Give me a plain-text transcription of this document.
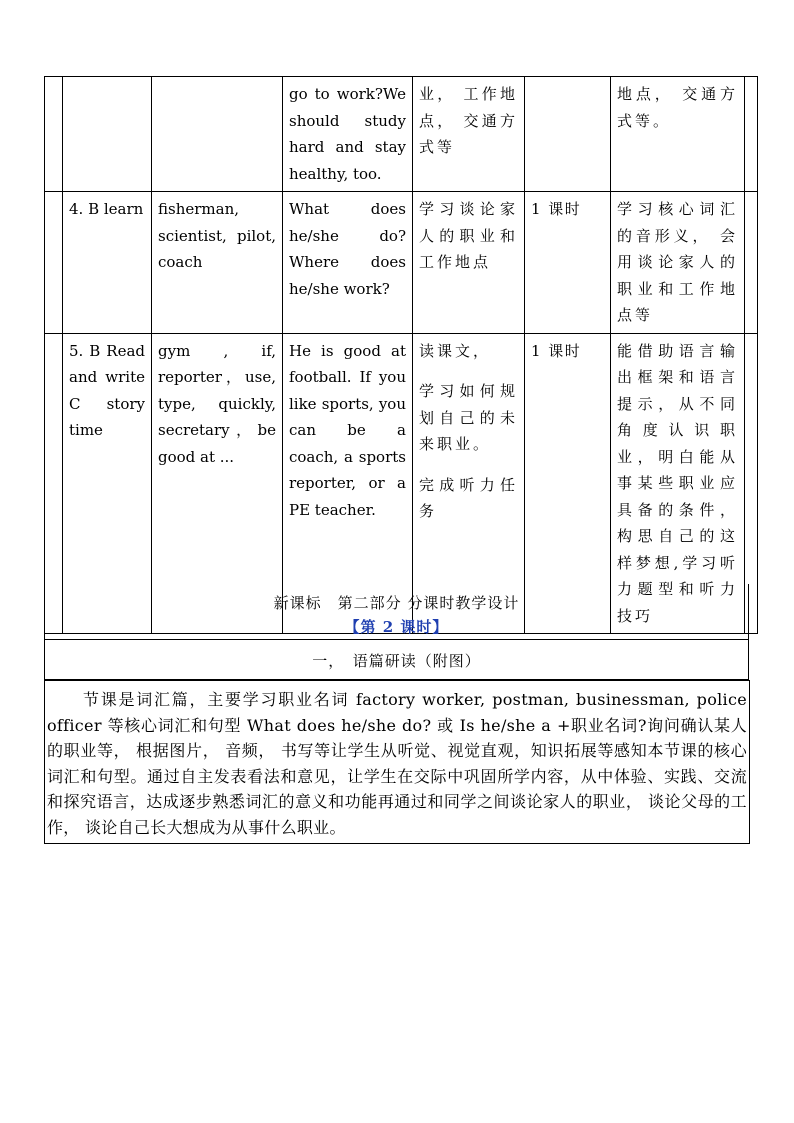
			go to work?We should study hard and stay healthy, too.	业， 工作地点， 交通方式等		地点， 交通方式等。	
	4. B learn	fisherman, scientist, pilot, coach	What does he/she do? Where does he/she work?	学习谈论家人的职业和工作地点	1 课时	学习核心词汇的音形义， 会用谈论家人的职业和工作地点等	
	5. B Read and write C story time	gym , if, reporter，use, type, quickly, secretary，be good at ...	He is good at football. If you like sports, you can be a coach, a sports reporter, or a PE teacher.	读课文，
学习如何规划自己的未来职业。
完成听力任务	1 课时	能借助语言输出框架和语言提示，从不同角度认识职业，明白能从事某些职业应具备的条件，构思自己的这样梦想,学习听力题型和听力技巧	
新课标　第二部分 分课时教学设计
【第 2 课时】
一，　语篇研读（附图）

节课是词汇篇，主要学习职业名词 factory worker, postman, businessman, police officer 等核心词汇和句型 What does he/she do? 或 Is he/she a +职业名词?询问确认某人的职业等， 根据图片， 音频， 书写等让学生从听觉、视觉直观，知识拓展等感知本节课的核心词汇和句型。通过自主发表看法和意见，让学生在交际中巩固所学内容，从中体验、实践、交流和探究语言，达成逐步熟悉词汇的意义和功能再通过和同学之间谈论家人的职业， 谈论父母的工作， 谈论自己长大想成为从事什么职业。
